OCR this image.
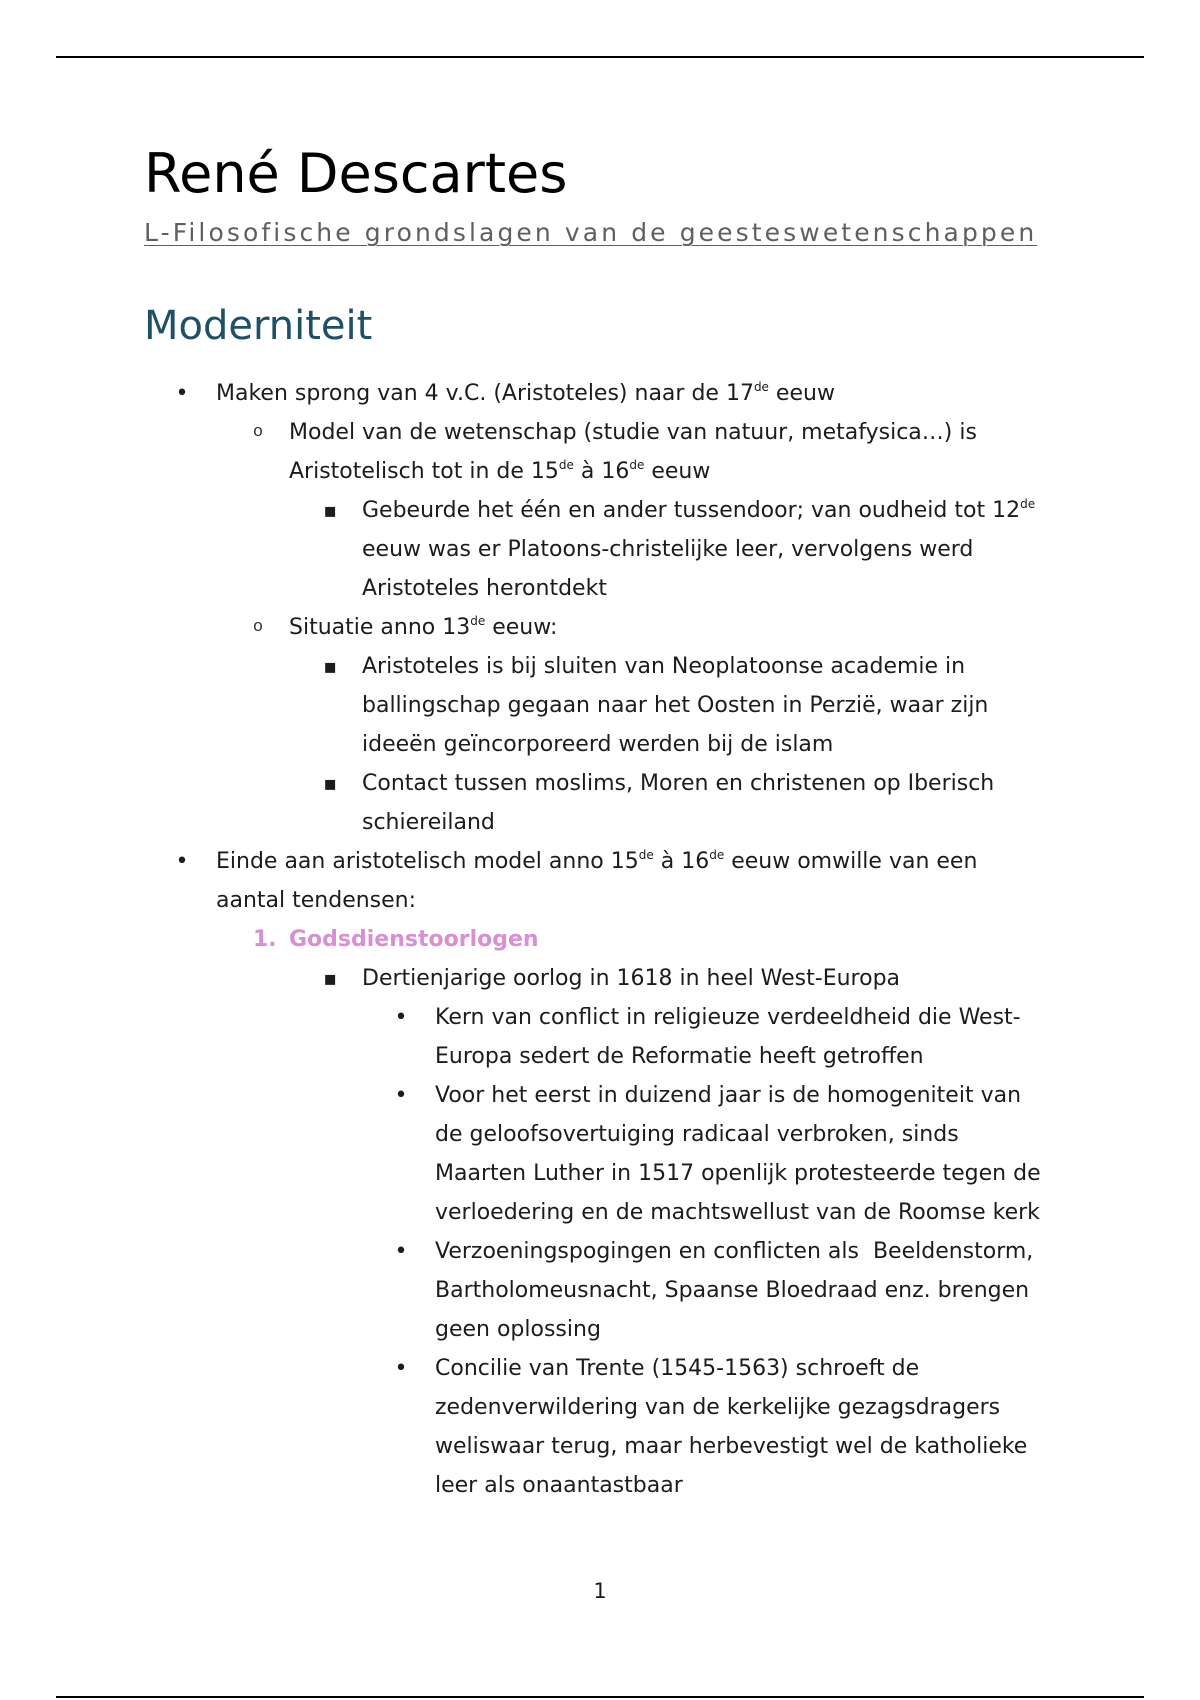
René Descartes
L-Filosofische grondslagen van de geesteswetenschappen
Moderniteit
• Maken sprong van 4 v.C. (Aristoteles) naar de 17de eeuw
o Model van de wetenschap (studie van natuur, metafysica…) is
Aristotelisch tot in de 15de à 16de eeuw
▪ Gebeurde het één en ander tussendoor; van oudheid tot 12de
eeuw was er Platoons-christelijke leer, vervolgens werd
Aristoteles herontdekt
o Situatie anno 13de eeuw:
▪ Aristoteles is bij sluiten van Neoplatoonse academie in
ballingschap gegaan naar het Oosten in Perzië, waar zijn
ideeën geïncorporeerd werden bij de islam
▪ Contact tussen moslims, Moren en christenen op Iberisch
schiereiland
• Einde aan aristotelisch model anno 15de à 16de eeuw omwille van een
aantal tendensen:
1. Godsdienstoorlogen
▪ Dertienjarige oorlog in 1618 in heel West-Europa
• Kern van conflict in religieuze verdeeldheid die West-
Europa sedert de Reformatie heeft getroffen
• Voor het eerst in duizend jaar is de homogeniteit van
de geloofsovertuiging radicaal verbroken, sinds
Maarten Luther in 1517 openlijk protesteerde tegen de
verloedering en de machtswellust van de Roomse kerk
• Verzoeningspogingen en conflicten als  Beeldenstorm,
Bartholomeusnacht, Spaanse Bloedraad enz. brengen
geen oplossing
• Concilie van Trente (1545-1563) schroeft de
zedenverwildering van de kerkelijke gezagsdragers
weliswaar terug, maar herbevestigt wel de katholieke
leer als onaantastbaar
1
